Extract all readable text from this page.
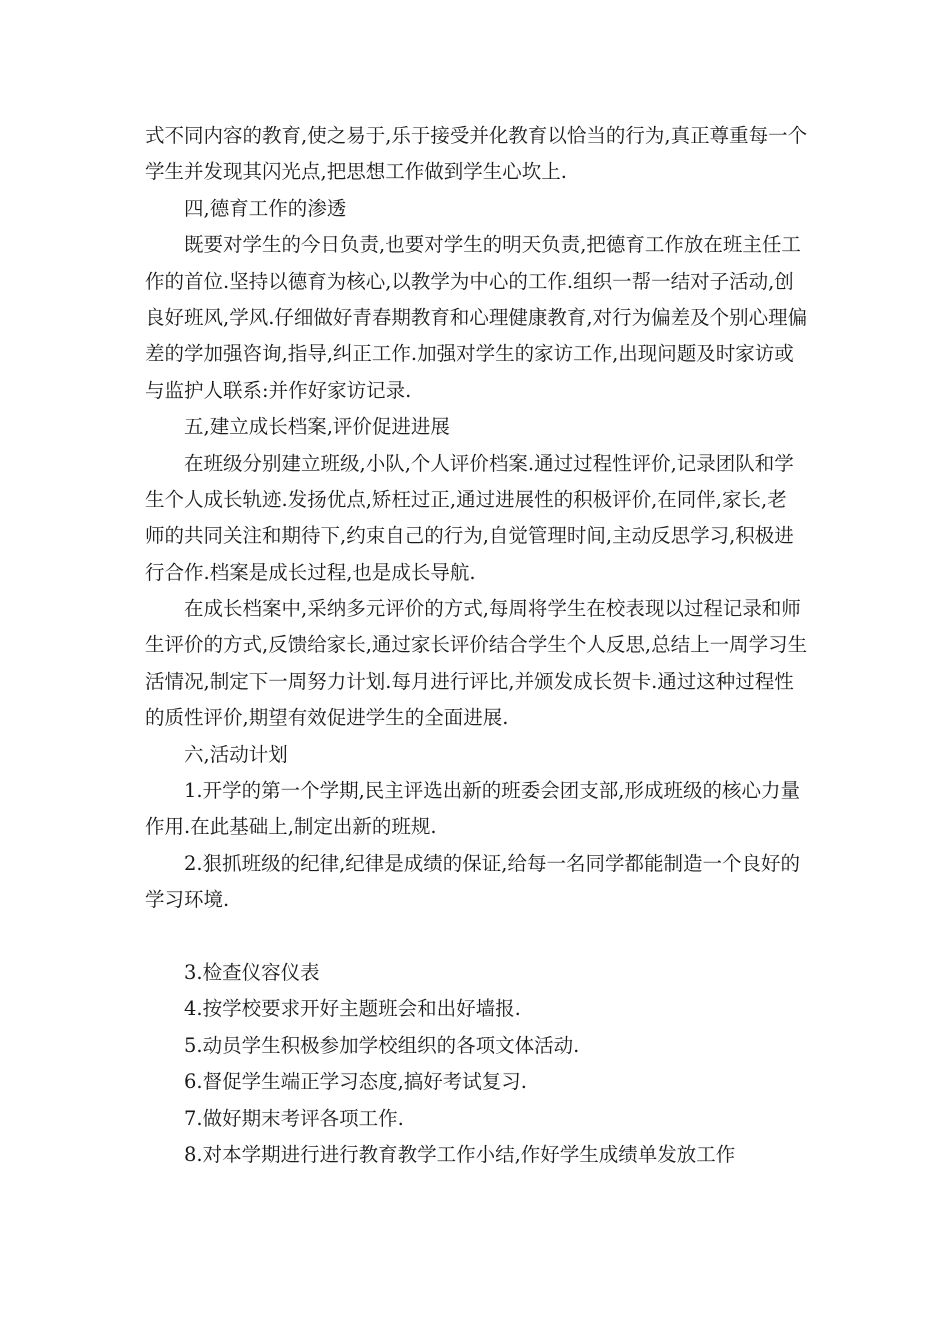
式不同内容的教育,使之易于,乐于接受并化教育以恰当的行为,真正尊重每一个
学生并发现其闪光点,把思想工作做到学生心坎上.
四,德育工作的渗透
既要对学生的今日负责,也要对学生的明天负责,把德育工作放在班主任工
作的首位.坚持以德育为核心,以教学为中心的工作.组织一帮一结对子活动,创
良好班风,学风.仔细做好青春期教育和心理健康教育,对行为偏差及个别心理偏
差的学加强咨询,指导,纠正工作.加强对学生的家访工作,出现问题及时家访或
与监护人联系:并作好家访记录.
五,建立成长档案,评价促进进展
在班级分别建立班级,小队,个人评价档案.通过过程性评价,记录团队和学
生个人成长轨迹.发扬优点,矫枉过正,通过进展性的积极评价,在同伴,家长,老
师的共同关注和期待下,约束自己的行为,自觉管理时间,主动反思学习,积极进
行合作.档案是成长过程,也是成长导航.
在成长档案中,采纳多元评价的方式,每周将学生在校表现以过程记录和师
生评价的方式,反馈给家长,通过家长评价结合学生个人反思,总结上一周学习生
活情况,制定下一周努力计划.每月进行评比,并颁发成长贺卡.通过这种过程性
的质性评价,期望有效促进学生的全面进展.
六,活动计划
1.开学的第一个学期,民主评选出新的班委会团支部,形成班级的核心力量
作用.在此基础上,制定出新的班规.
2.狠抓班级的纪律,纪律是成绩的保证,给每一名同学都能制造一个良好的
学习环境.
3.检查仪容仪表
4.按学校要求开好主题班会和出好墙报.
5.动员学生积极参加学校组织的各项文体活动.
6.督促学生端正学习态度,搞好考试复习.
7.做好期末考评各项工作.
8.对本学期进行进行教育教学工作小结,作好学生成绩单发放工作
